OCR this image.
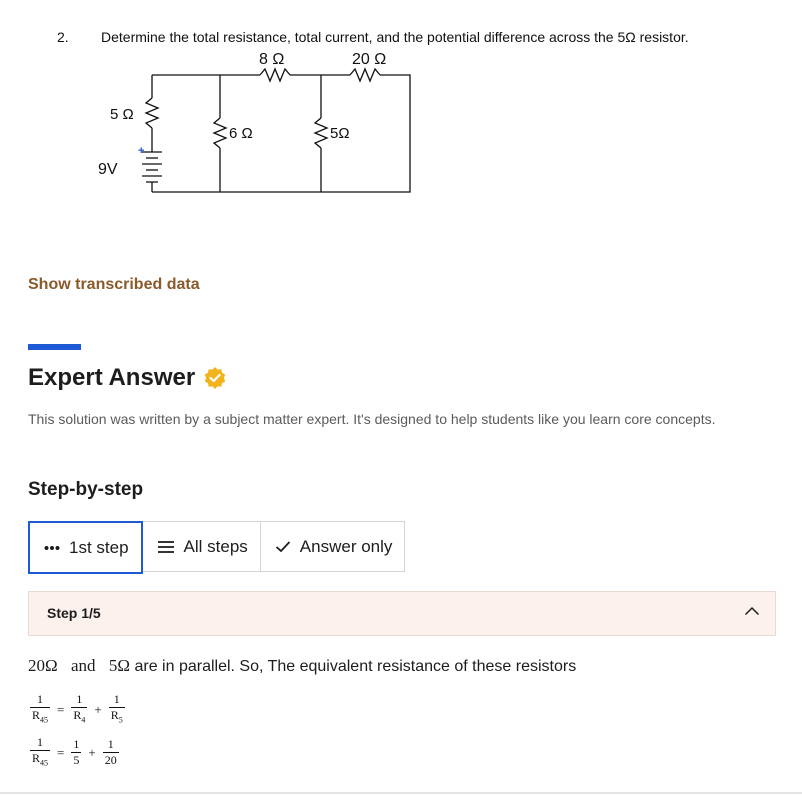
2. Determine the total resistance, total current, and the potential difference across the 5Ω resistor.
8 Ω	20 Ω
5 Ω
6 Ω	5Ω
9V
+
Show transcribed data
Expert Answer
This solution was written by a subject matter expert. It's designed to help students like you learn core concepts.
Step-by-step
1st step	All steps	Answer only
Step 1/5
20Ω and 5Ω are in parallel. So, The equivalent resistance of these resistors
$\frac{1}{R_{45}} = \frac{1}{R_4} + \frac{1}{R_5}$
$\frac{1}{R_{45}} = \frac{1}{5} + \frac{1}{20}$
